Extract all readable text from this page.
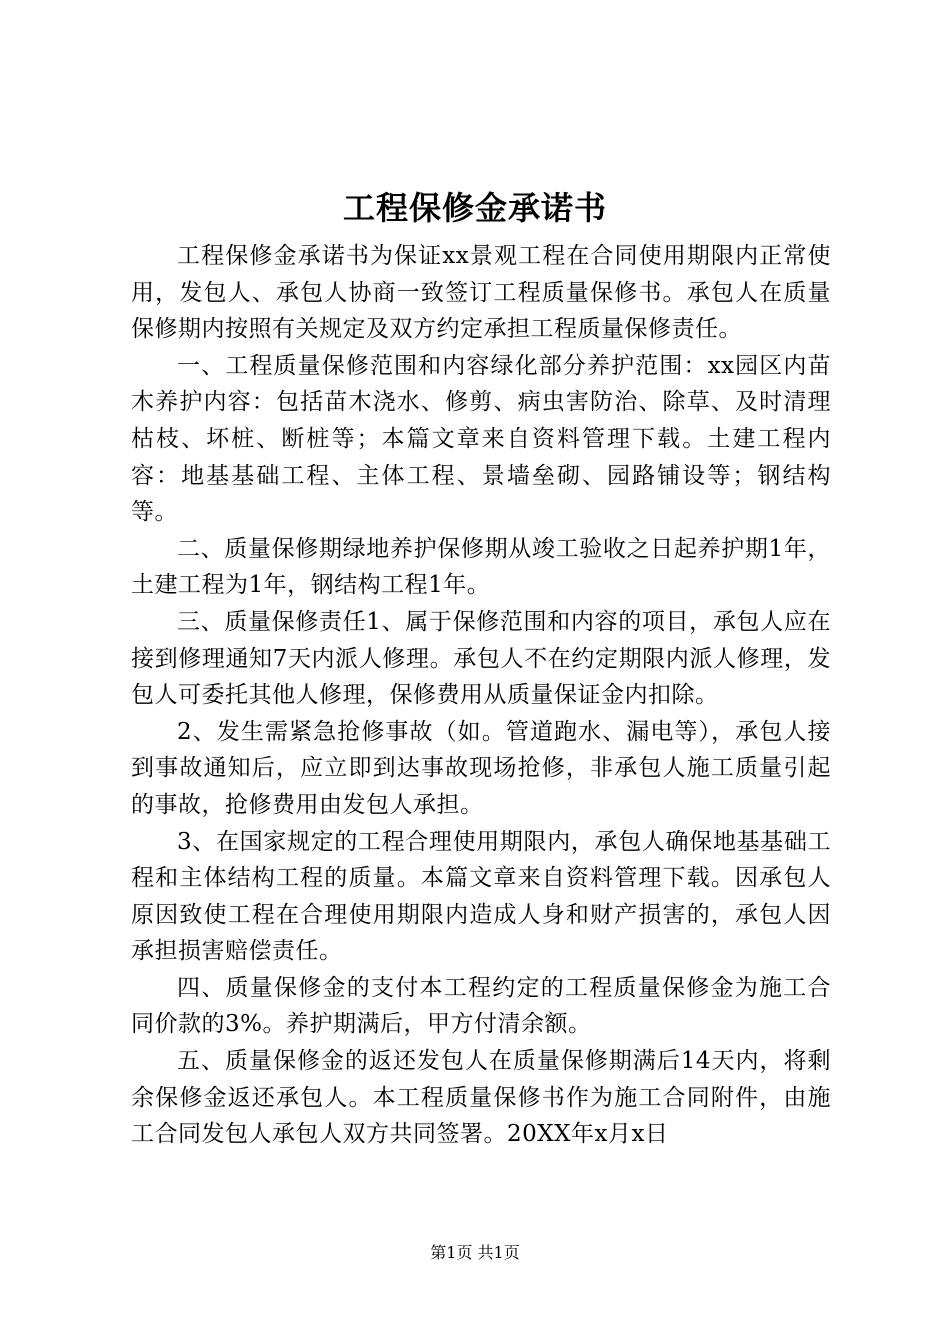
工程保修金承诺书

工程保修金承诺书为保证xx景观工程在合同使用期限内正常使用，发包人、承包人协商一致签订工程质量保修书。承包人在质量保修期内按照有关规定及双方约定承担工程质量保修责任。

一、工程质量保修范围和内容绿化部分养护范围：xx园区内苗木养护内容：包括苗木浇水、修剪、病虫害防治、除草、及时清理枯枝、坏桩、断桩等；本篇文章来自资料管理下载。土建工程内容：地基基础工程、主体工程、景墙垒砌、园路铺设等；钢结构等。

二、质量保修期绿地养护保修期从竣工验收之日起养护期1年，土建工程为1年，钢结构工程1年。

三、质量保修责任1、属于保修范围和内容的项目，承包人应在接到修理通知7天内派人修理。承包人不在约定期限内派人修理，发包人可委托其他人修理，保修费用从质量保证金内扣除。

2、发生需紧急抢修事故（如。管道跑水、漏电等），承包人接到事故通知后，应立即到达事故现场抢修，非承包人施工质量引起的事故，抢修费用由发包人承担。

3、在国家规定的工程合理使用期限内，承包人确保地基基础工程和主体结构工程的质量。本篇文章来自资料管理下载。因承包人原因致使工程在合理使用期限内造成人身和财产损害的，承包人因承担损害赔偿责任。

四、质量保修金的支付本工程约定的工程质量保修金为施工合同价款的3%。养护期满后，甲方付清余额。

五、质量保修金的返还发包人在质量保修期满后14天内，将剩余保修金返还承包人。本工程质量保修书作为施工合同附件，由施工合同发包人承包人双方共同签署。20XX年x月x日

第1页 共1页
